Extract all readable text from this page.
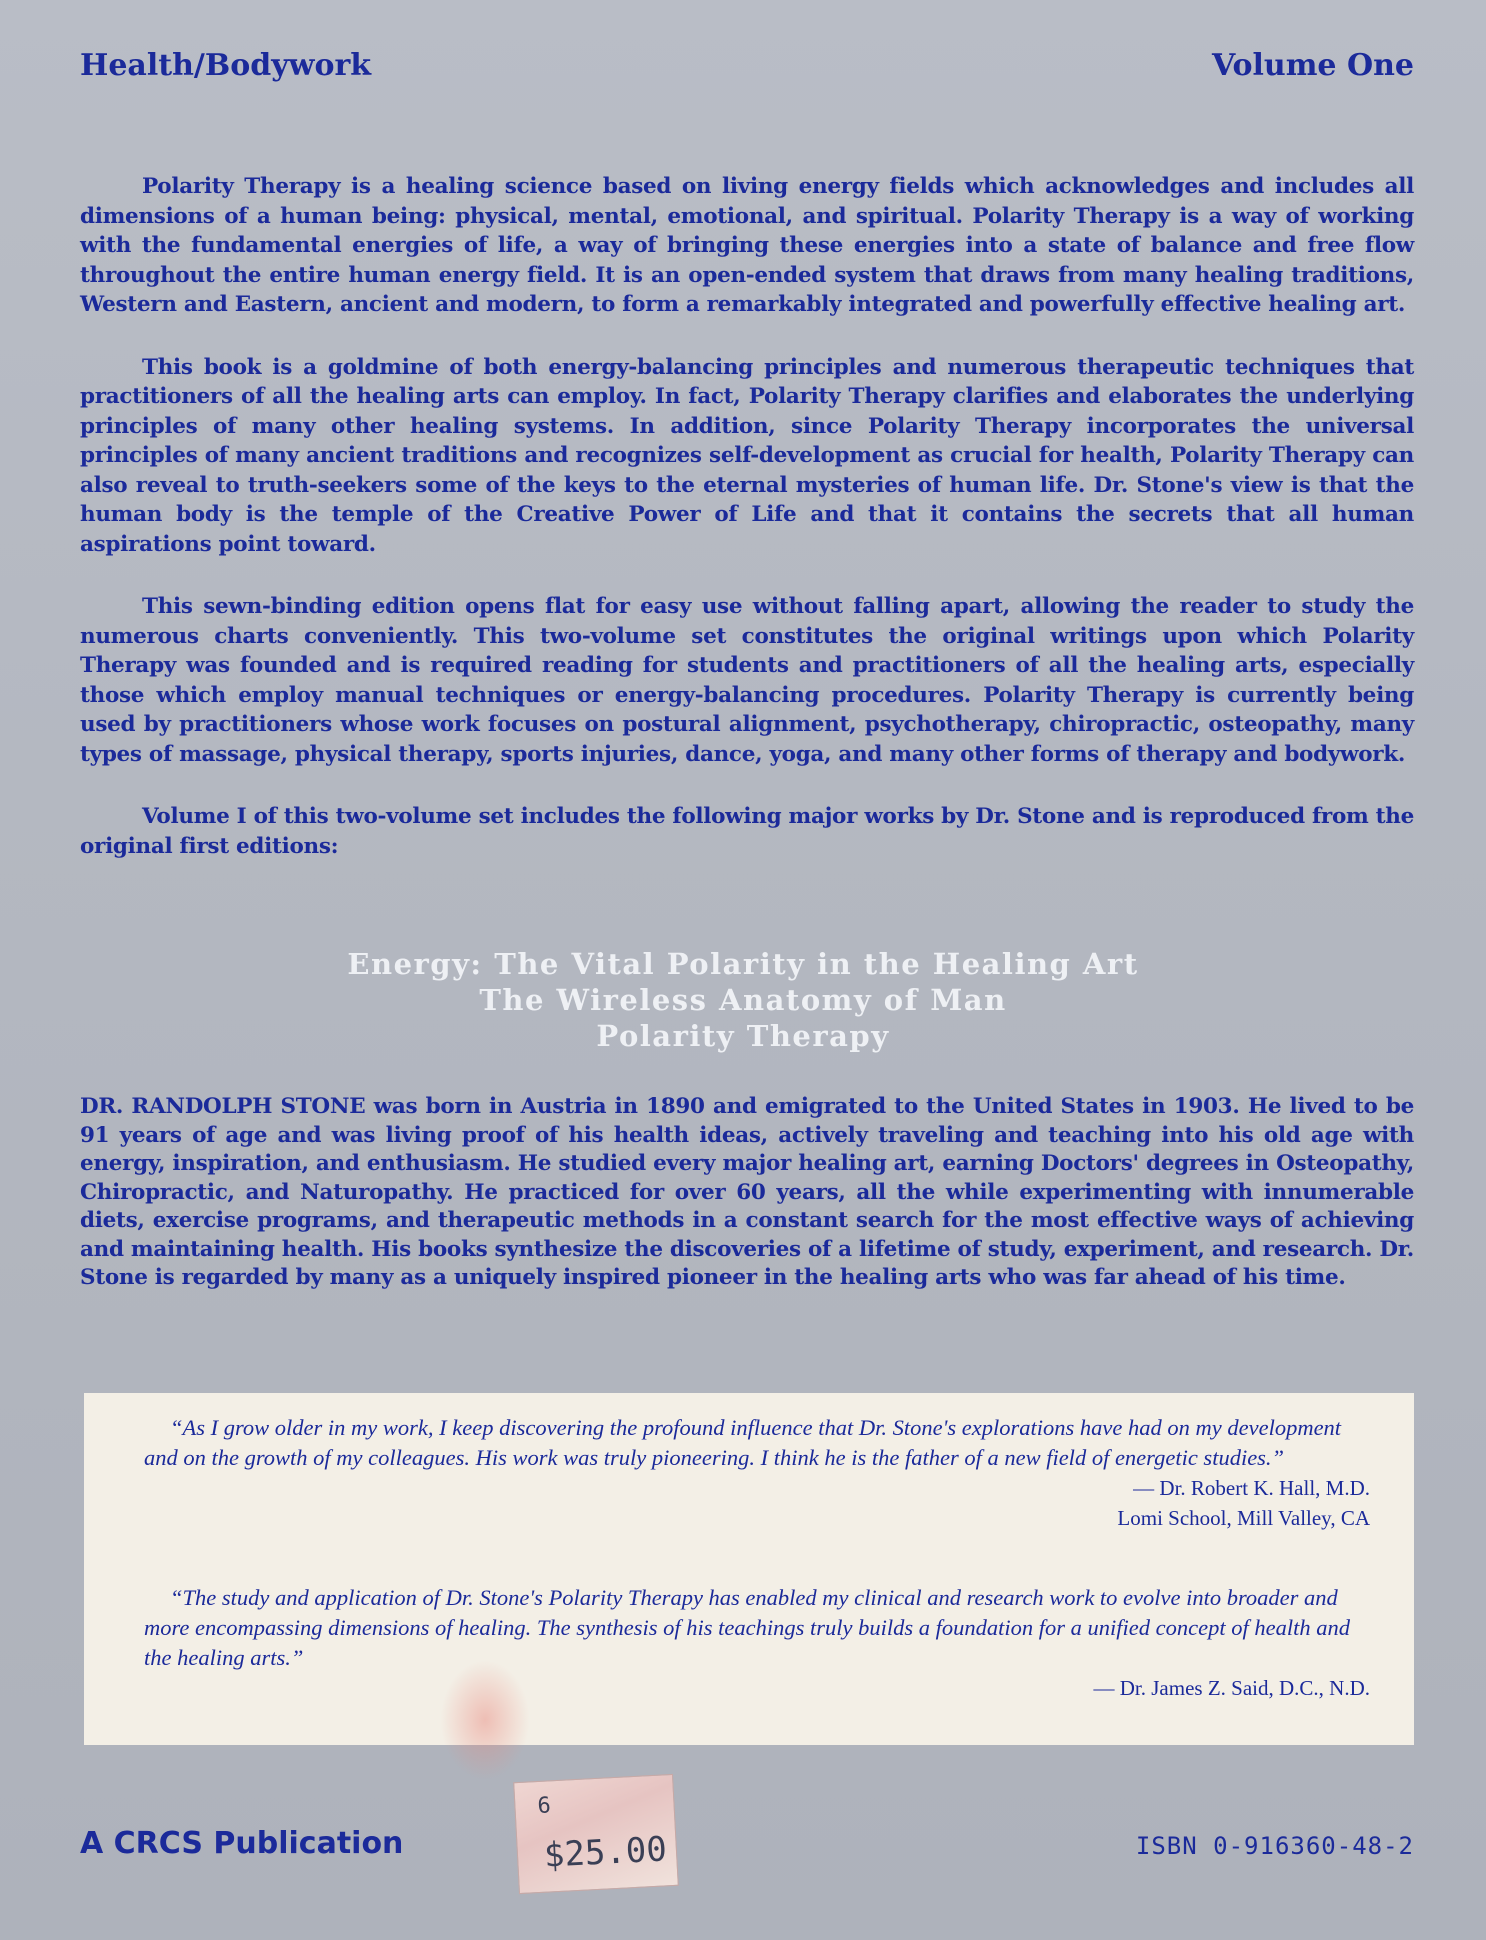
Health/Bodywork	Volume One

Polarity Therapy is a healing science based on living energy fields which acknowledges and includes all dimensions of a human being: physical, mental, emotional, and spiritual. Polarity Therapy is a way of working with the fundamental energies of life, a way of bringing these energies into a state of balance and free flow throughout the entire human energy field. It is an open-ended system that draws from many healing traditions, Western and Eastern, ancient and modern, to form a remarkably integrated and powerfully effective healing art.

This book is a goldmine of both energy-balancing principles and numerous therapeutic techniques that practitioners of all the healing arts can employ. In fact, Polarity Therapy clarifies and elaborates the underlying principles of many other healing systems. In addition, since Polarity Therapy incorporates the universal principles of many ancient traditions and recognizes self-development as crucial for health, Polarity Therapy can also reveal to truth-seekers some of the keys to the eternal mysteries of human life. Dr. Stone's view is that the human body is the temple of the Creative Power of Life and that it contains the secrets that all human aspirations point toward.

This sewn-binding edition opens flat for easy use without falling apart, allowing the reader to study the numerous charts conveniently. This two-volume set constitutes the original writings upon which Polarity Therapy was founded and is required reading for students and practitioners of all the healing arts, especially those which employ manual techniques or energy-balancing procedures. Polarity Therapy is currently being used by practitioners whose work focuses on postural alignment, psychotherapy, chiropractic, osteopathy, many types of massage, physical therapy, sports injuries, dance, yoga, and many other forms of therapy and bodywork.

Volume I of this two-volume set includes the following major works by Dr. Stone and is reproduced from the original first editions:

Energy: The Vital Polarity in the Healing Art
The Wireless Anatomy of Man
Polarity Therapy

DR. RANDOLPH STONE was born in Austria in 1890 and emigrated to the United States in 1903. He lived to be 91 years of age and was living proof of his health ideas, actively traveling and teaching into his old age with energy, inspiration, and enthusiasm. He studied every major healing art, earning Doctors' degrees in Osteopathy, Chiropractic, and Naturopathy. He practiced for over 60 years, all the while experimenting with innumerable diets, exercise programs, and therapeutic methods in a constant search for the most effective ways of achieving and maintaining health. His books synthesize the discoveries of a lifetime of study, experiment, and research. Dr. Stone is regarded by many as a uniquely inspired pioneer in the healing arts who was far ahead of his time.

“As I grow older in my work, I keep discovering the profound influence that Dr. Stone's explorations have had on my development and on the growth of my colleagues. His work was truly pioneering. I think he is the father of a new field of energetic studies.”

— Dr. Robert K. Hall, M.D.

Lomi School, Mill Valley, CA

“The study and application of Dr. Stone's Polarity Therapy has enabled my clinical and research work to evolve into broader and more encompassing dimensions of healing. The synthesis of his teachings truly builds a foundation for a unified concept of health and the healing arts.”

— Dr. James Z. Said, D.C., N.D.

A CRCS Publication	ISBN 0-916360-48-2
6
$25.00
